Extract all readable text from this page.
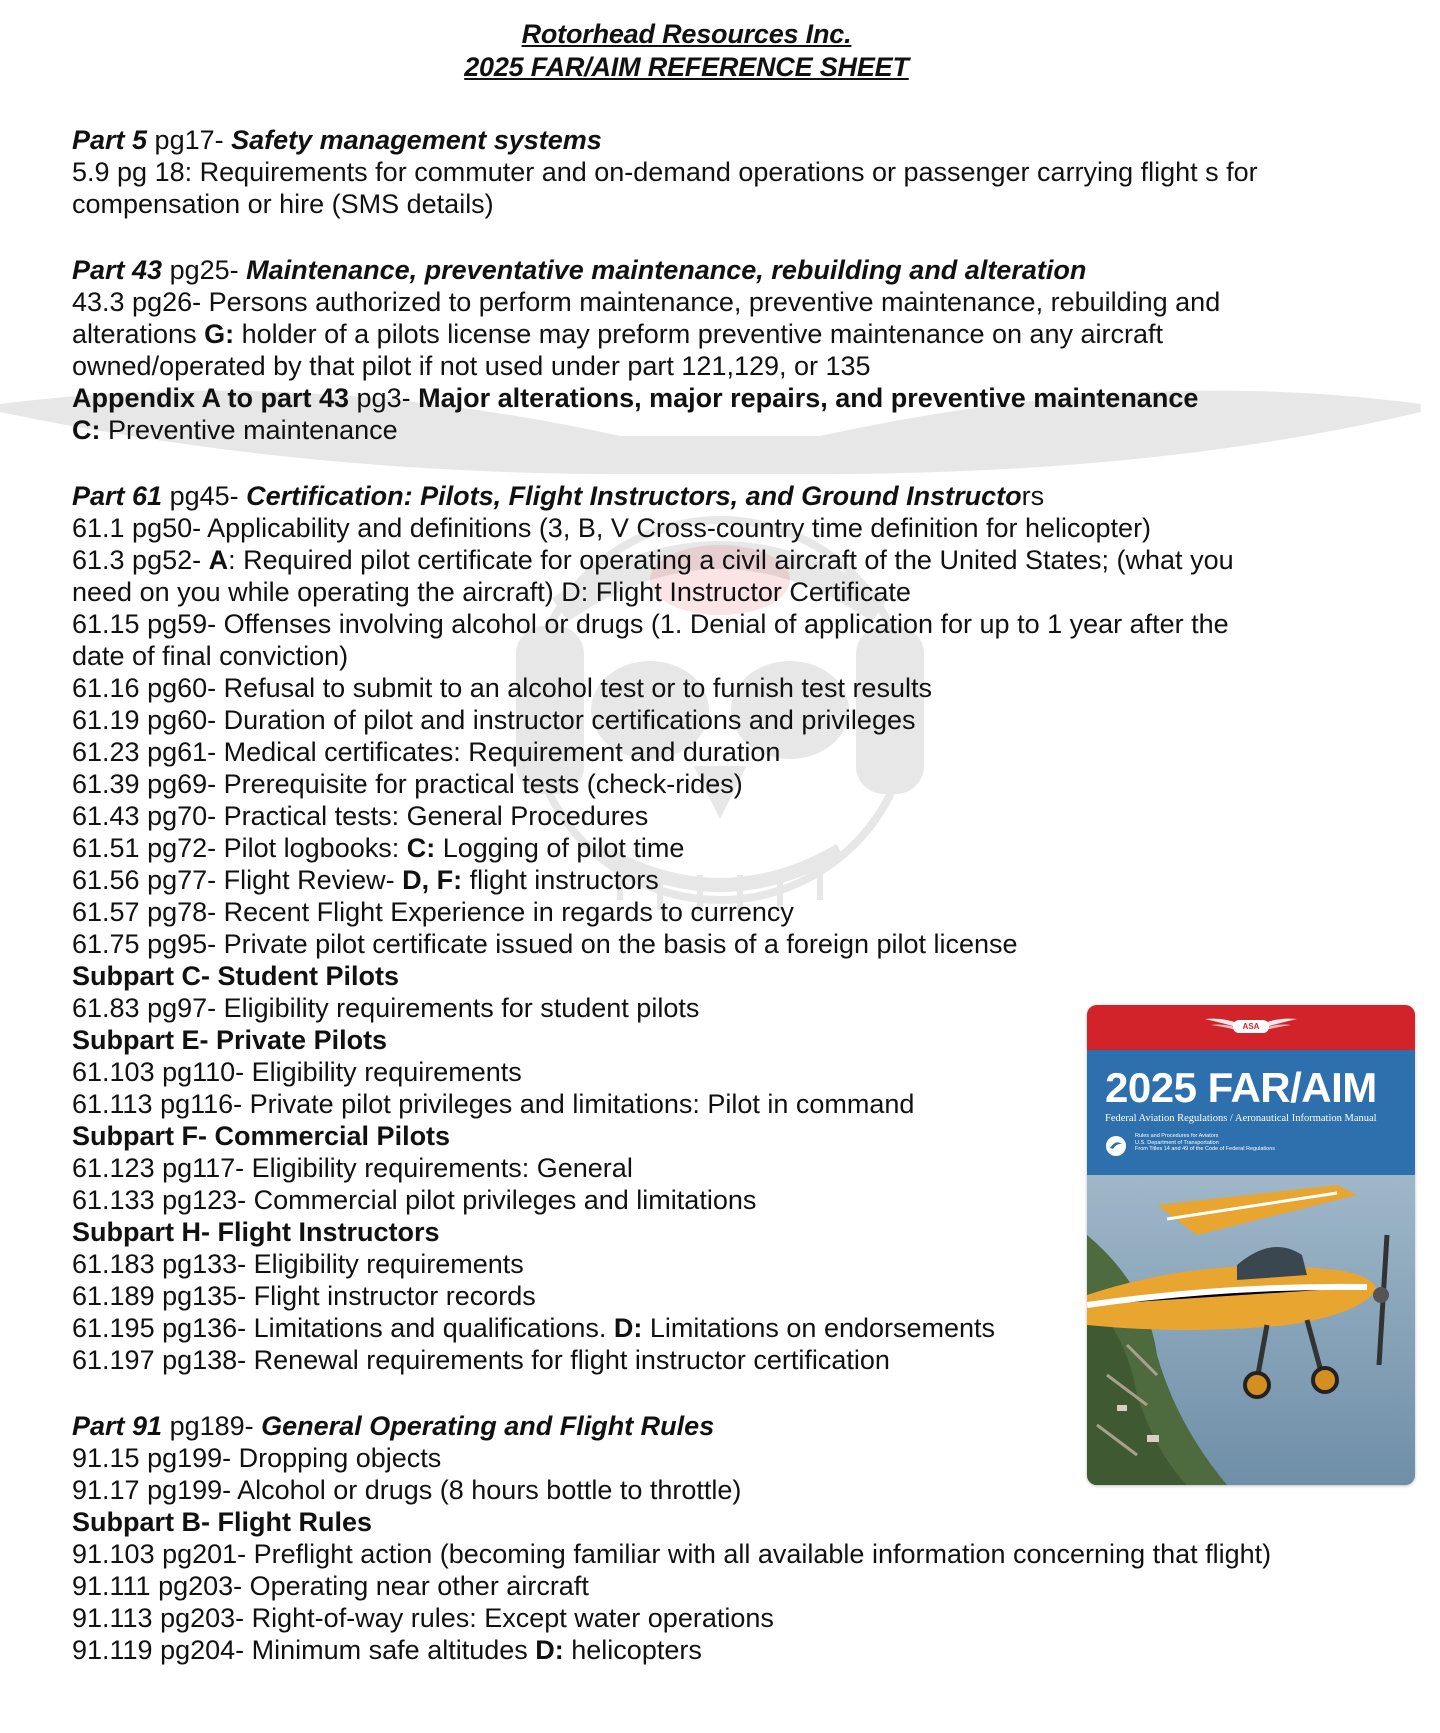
Rotorhead Resources Inc.
2025 FAR/AIM REFERENCE SHEET
Part 5 pg17- Safety management systems
5.9 pg 18: Requirements for commuter and on-demand operations or passenger carrying flight s for compensation or hire (SMS details)
Part 43 pg25- Maintenance, preventative maintenance, rebuilding and alteration
43.3 pg26- Persons authorized to perform maintenance, preventive maintenance, rebuilding and alterations G: holder of a pilots license may preform preventive maintenance on any aircraft owned/operated by that pilot if not used under part 121,129, or 135
Appendix A to part 43 pg3- Major alterations, major repairs, and preventive maintenance
C: Preventive maintenance
Part 61 pg45- Certification: Pilots, Flight Instructors, and Ground Instructors
61.1 pg50- Applicability and definitions (3, B, V Cross-country time definition for helicopter)
61.3 pg52- A: Required pilot certificate for operating a civil aircraft of the United States; (what you need on you while operating the aircraft) D: Flight Instructor Certificate
61.15 pg59- Offenses involving alcohol or drugs (1. Denial of application for up to 1 year after the date of final conviction)
61.16 pg60- Refusal to submit to an alcohol test or to furnish test results
61.19 pg60- Duration of pilot and instructor certifications and privileges
61.23 pg61- Medical certificates: Requirement and duration
61.39 pg69- Prerequisite for practical tests (check-rides)
61.43 pg70- Practical tests: General Procedures
61.51 pg72- Pilot logbooks: C: Logging of pilot time
61.56 pg77- Flight Review- D, F: flight instructors
61.57 pg78- Recent Flight Experience in regards to currency
61.75 pg95- Private pilot certificate issued on the basis of a foreign pilot license
Subpart C- Student Pilots
61.83 pg97- Eligibility requirements for student pilots
Subpart E- Private Pilots
61.103 pg110- Eligibility requirements
61.113 pg116- Private pilot privileges and limitations: Pilot in command
Subpart F- Commercial Pilots
61.123 pg117- Eligibility requirements: General
61.133 pg123- Commercial pilot privileges and limitations
Subpart H- Flight Instructors
61.183 pg133- Eligibility requirements
61.189 pg135- Flight instructor records
61.195 pg136- Limitations and qualifications. D: Limitations on endorsements
61.197 pg138- Renewal requirements for flight instructor certification
Part 91 pg189- General Operating and Flight Rules
91.15 pg199- Dropping objects
91.17 pg199- Alcohol or drugs (8 hours bottle to throttle)
Subpart B- Flight Rules
91.103 pg201- Preflight action (becoming familiar with all available information concerning that flight)
91.111 pg203- Operating near other aircraft
91.113 pg203- Right-of-way rules: Except water operations
91.119 pg204- Minimum safe altitudes D: helicopters
ASA
2025 FAR/AIM
Federal Aviation Regulations / Aeronautical Information Manual
Rules and Procedures for Aviators
U.S. Department of Transportation
From Titles 14 and 49 of the Code of Federal Regulations
